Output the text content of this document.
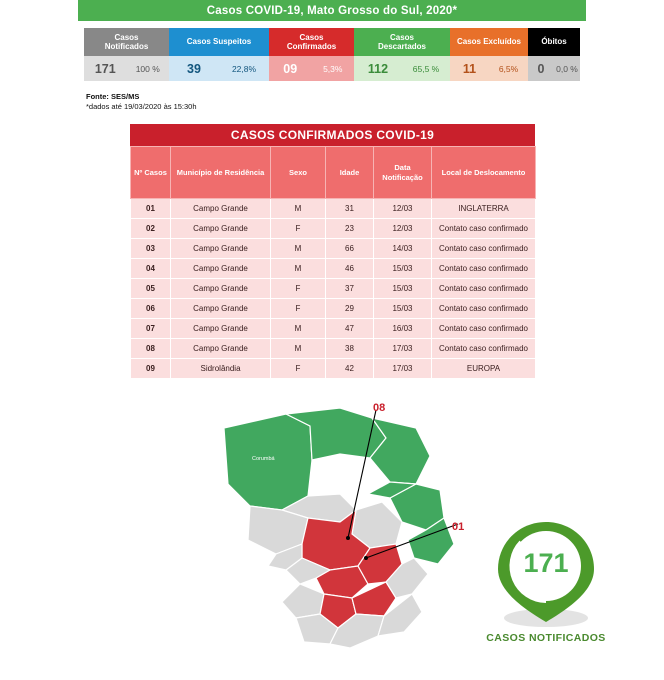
Casos COVID-19, Mato Grosso do Sul, 2020*
Casos
Notificados
171	100 %
Casos Suspeitos
39	22,8%
Casos
Confirmados
09	5,3%
Casos
Descartados
112	65,5 %
Casos Excluídos
11	6,5%
Óbitos
0	0,0 %
Fonte: SES/MS
*dados até 19/03/2020 às 15:30h
CASOS CONFIRMADOS COVID-19
Nº Casos	Município de Residência	Sexo	Idade	Data Notificação	Local de Deslocamento
01	Campo Grande	M	31	12/03	INGLATERRA
02	Campo Grande	F	23	12/03	Contato caso confirmado
03	Campo Grande	M	66	14/03	Contato caso confirmado
04	Campo Grande	M	46	15/03	Contato caso confirmado
05	Campo Grande	F	37	15/03	Contato caso confirmado
06	Campo Grande	F	29	15/03	Contato caso confirmado
07	Campo Grande	M	47	16/03	Contato caso confirmado
08	Campo Grande	M	38	17/03	Contato caso confirmado
09	Sidrolândia	F	42	17/03	EUROPA
Corumbá
08
01
171
CASOS NOTIFICADOS
